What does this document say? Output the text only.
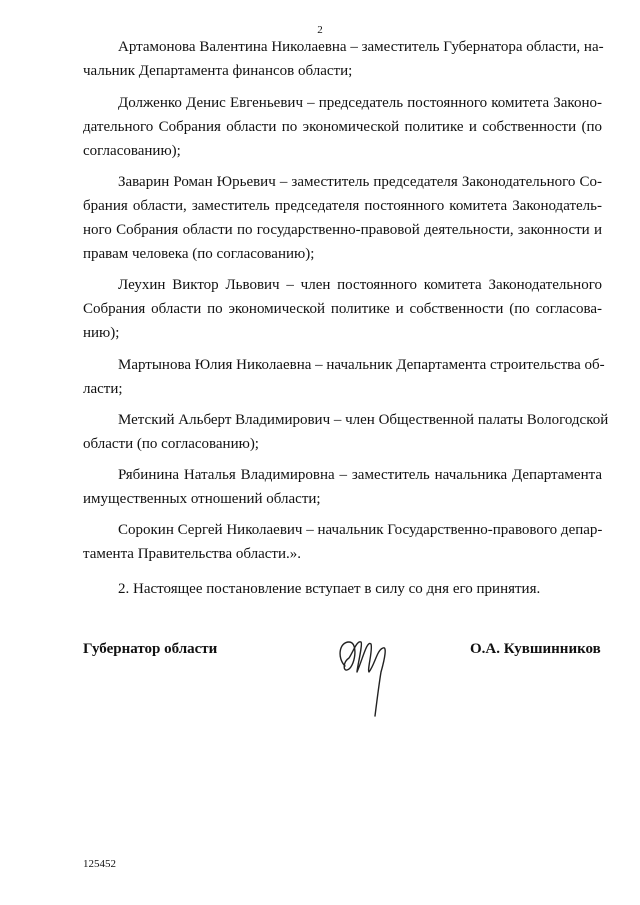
2
Артамонова Валентина Николаевна – заместитель Губернатора области, на-
чальник Департамента финансов области;
Долженко Денис Евгеньевич – председатель постоянного комитета Законо-
дательного Собрания области по экономической политике и собственности (по
согласованию);
Заварин Роман Юрьевич – заместитель председателя Законодательного Со-
брания области, заместитель председателя постоянного комитета Законодатель-
ного Собрания области по государственно-правовой деятельности, законности и
правам человека (по согласованию);
Леухин Виктор Львович – член постоянного комитета Законодательного
Собрания области по экономической политике и собственности (по согласова-
нию);
Мартынова Юлия Николаевна – начальник Департамента строительства об-
ласти;
Метский Альберт Владимирович – член Общественной палаты Вологодской
области (по согласованию);
Рябинина Наталья Владимировна – заместитель начальника Департамента
имущественных отношений области;
Сорокин Сергей Николаевич – начальник Государственно-правового депар-
тамента Правительства области.».
2. Настоящее постановление вступает в силу со дня его принятия.
Губернатор области	О.А. Кувшинников
125452
